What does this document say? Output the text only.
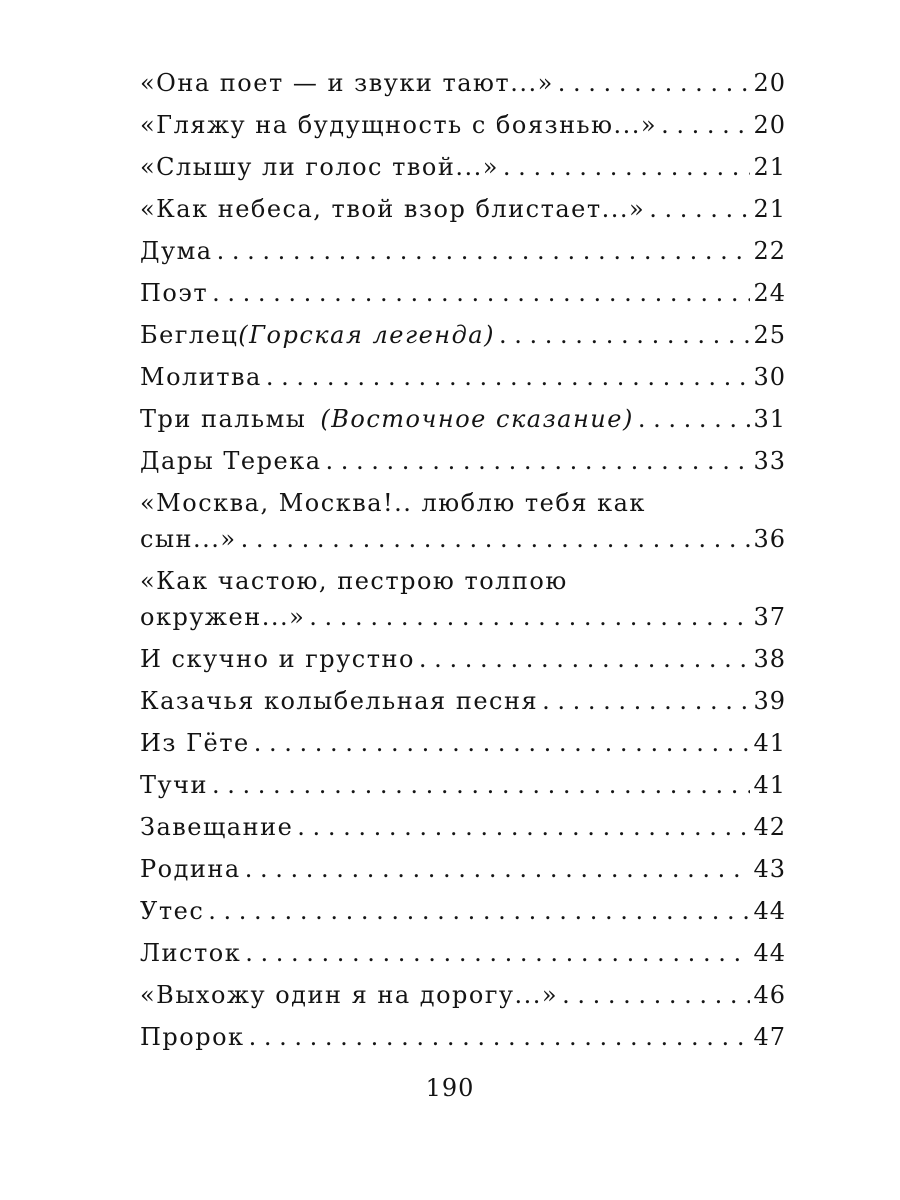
«Она поет — и звуки тают...» . . .	20
«Гляжу на будущность с боязнью...» . . .	20
«Слышу ли голос твой...» . . .	21
«Как небеса, твой взор блистает...» . . .	21
Дума . . .	22
Поэт . . .	24
Беглец (Горская легенда) . . .	25
Молитва . . .	30
Три пальмы (Восточное сказание) . . .	31
Дары Терека . . .	33
«Москва, Москва!.. люблю тебя как
сын...» . . .	36
«Как частою, пестрою толпою
окружен...» . . .	37
И скучно и грустно . . .	38
Казачья колыбельная песня . . .	39
Из Гёте . . .	41
Тучи . . .	41
Завещание . . .	42
Родина . . .	43
Утес . . .	44
Листок . . .	44
«Выхожу один я на дорогу...» . . .	46
Пророк . . .	47
190
